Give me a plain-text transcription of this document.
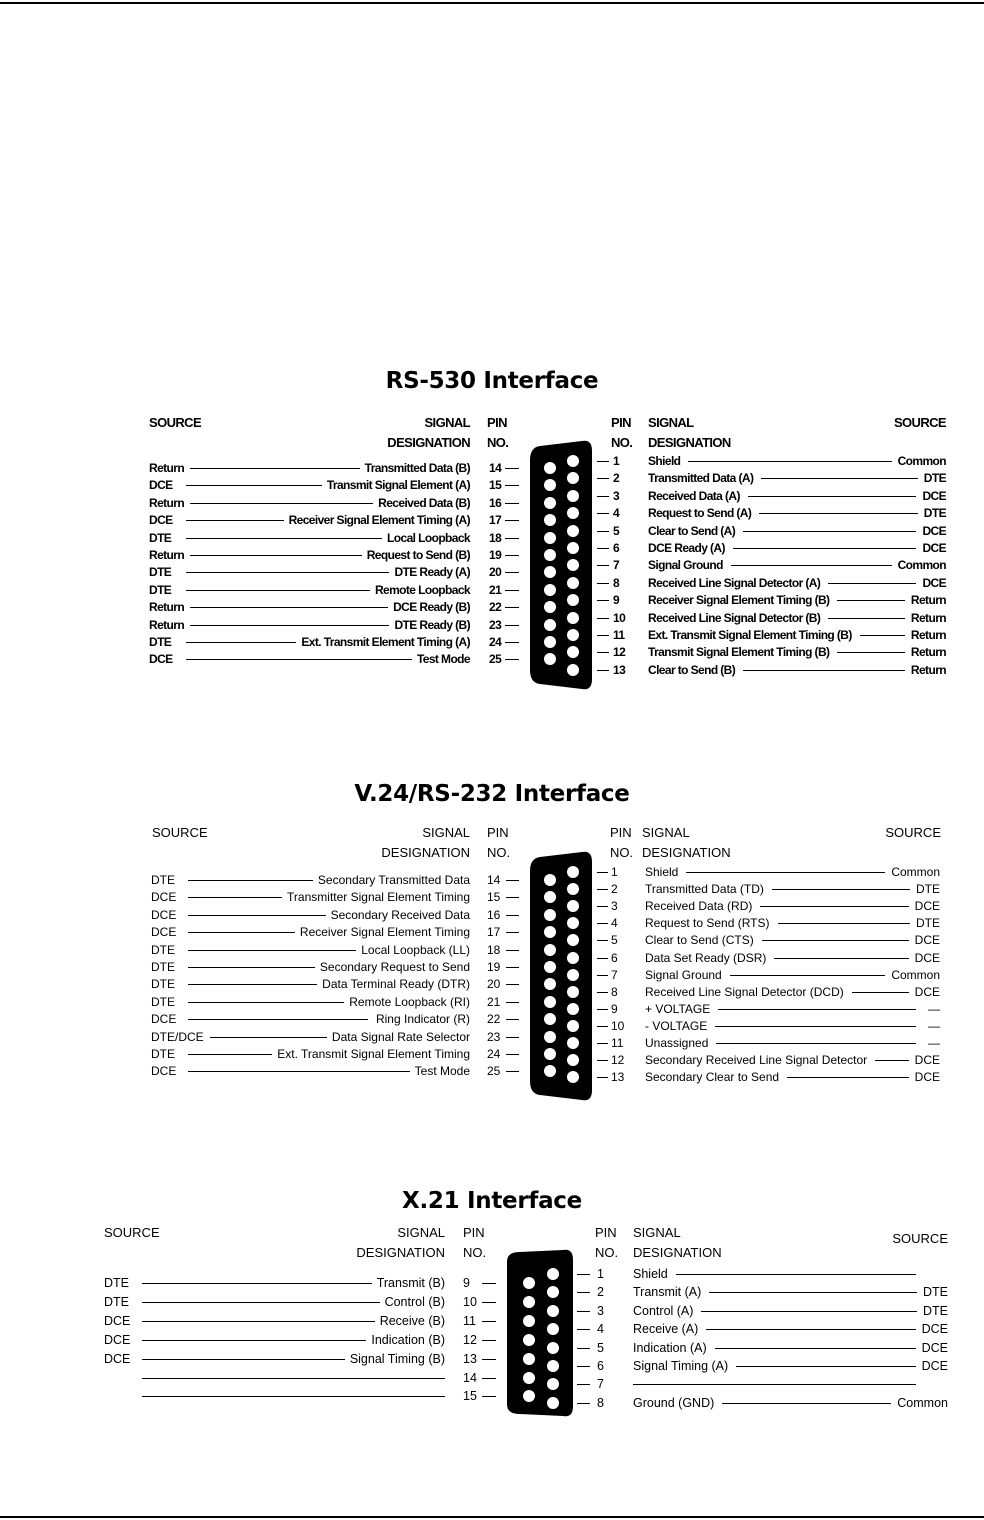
RS-530 Interface
SOURCE	SIGNAL
DESIGNATION
PIN
NO.
PIN
NO.
SIGNAL
DESIGNATION
SOURCE
Return	Transmitted Data (B) 14
DCE	Transmit Signal Element (A) 15
Return	Received Data (B) 16
DCE	Receiver Signal Element Timing (A) 17
DTE	Local Loopback 18
Return	Request to Send (B) 19
DTE	DTE Ready (A) 20
DTE	Remote Loopback 21
Return	DCE Ready (B) 22
Return	DTE Ready (B) 23
DTE	Ext. Transmit Element Timing (A) 24
DCE	Test Mode 25
1 Shield	Common
2 Transmitted Data (A)	DTE
3 Received Data (A)	DCE
4 Request to Send (A)	DTE
5 Clear to Send (A)	DCE
6 DCE Ready (A)	DCE
7 Signal Ground	Common
8 Received Line Signal Detector (A)	DCE
9 Receiver Signal Element Timing (B)	Return
10 Received Line Signal Detector (B)	Return
11 Ext. Transmit Signal Element Timing (B)	Return
12 Transmit Signal Element Timing (B)	Return
13 Clear to Send (B)	Return
V.24/RS-232 Interface
SOURCE	SIGNAL
DESIGNATION
PIN
NO.
PIN
NO.
SIGNAL
DESIGNATION
SOURCE
DTE	Secondary Transmitted Data 14
DCE	Transmitter Signal Element Timing 15
DCE	Secondary Received Data 16
DCE	Receiver Signal Element Timing 17
DTE	Local Loopback (LL) 18
DTE	Secondary Request to Send 19
DTE	Data Terminal Ready (DTR) 20
DTE	Remote Loopback (RI) 21
DCE	Ring Indicator (R) 22
DTE/DCE	Data Signal Rate Selector 23
DTE	Ext. Transmit Signal Element Timing 24
DCE	Test Mode 25
1 Shield	Common
2 Transmitted Data (TD)	DTE
3 Received Data (RD)	DCE
4 Request to Send (RTS)	DTE
5 Clear to Send (CTS)	DCE
6 Data Set Ready (DSR)	DCE
7 Signal Ground	Common
8 Received Line Signal Detector (DCD)	DCE
9 + VOLTAGE	—
10 - VOLTAGE	—
11 Unassigned	—
12 Secondary Received Line Signal Detector	DCE
13 Secondary Clear to Send	DCE
X.21 Interface
SOURCE	SIGNAL
DESIGNATION
PIN
NO.
PIN
NO.
SIGNAL
DESIGNATION
SOURCE
DTE	Transmit (B) 9
DTE	Control (B) 10
DCE	Receive (B) 11
DCE	Indication (B) 12
DCE	Signal Timing (B) 13
14
15
1 Shield
2 Transmit (A)	DTE
3 Control (A)	DTE
4 Receive (A)	DCE
5 Indication (A)	DCE
6 Signal Timing (A)	DCE
7
8 Ground (GND)	Common
